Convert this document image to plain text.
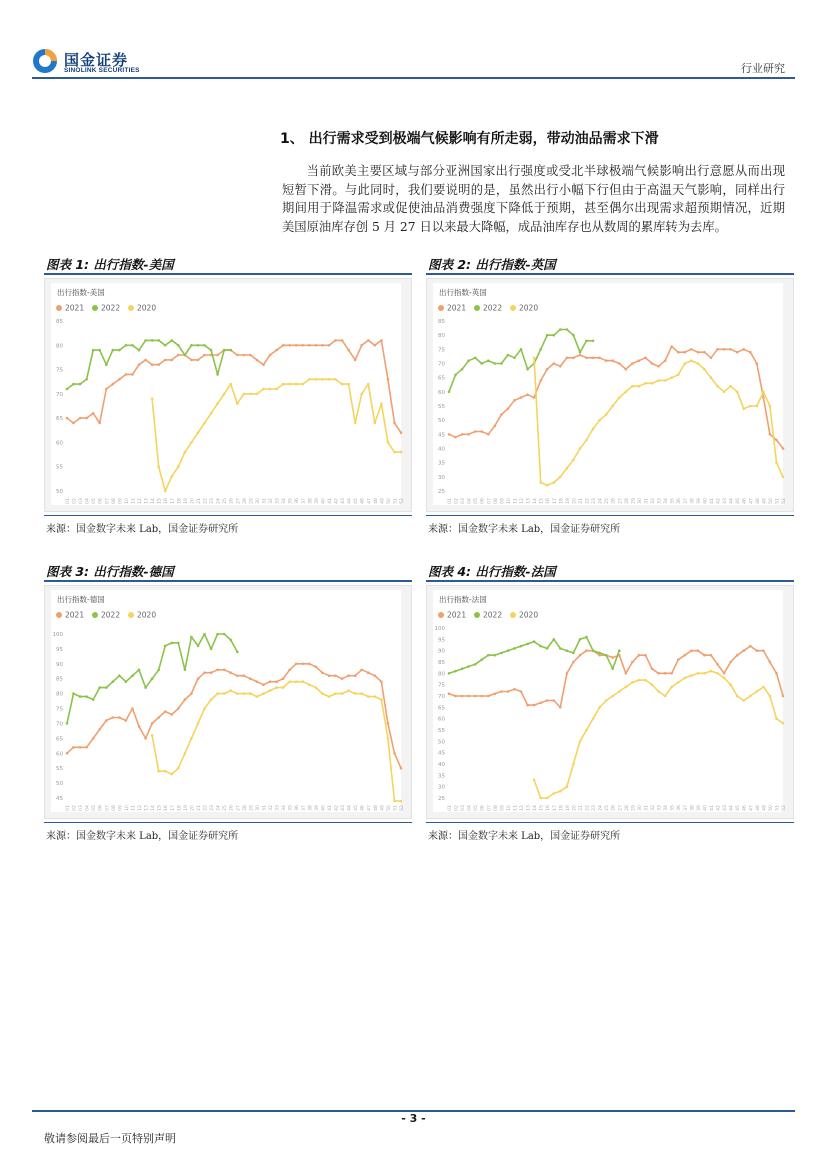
国金证券
SINOLINK SECURITIES	行业研究
1、 出行需求受到极端气候影响有所走弱，带动油品需求下滑
当前欧美主要区域与部分亚洲国家出行强度或受北半球极端气候影响出行意愿从而出现短暂下滑。与此同时，我们要说明的是，虽然出行小幅下行但由于高温天气影响，同样出行期间用于降温需求或促使油品消费强度下降低于预期，甚至偶尔出现需求超预期情况，近期美国原油库存创 5 月 27 日以来最大降幅，成品油库存也从数周的累库转为去库。
图表 1: 出行指数-美国
出行指数-美国
2021 2022 2020
50
55
60
65
70
75
80
85
01 02 03 04 05 06 07 08 09 10 11 12 13 14 15 16 17 18 19 20 21 22 23 24 25 26 27 28 29 30 31 32 33 34 35 36 37 38 39 40 41 42 43 44 45 46 47 48 49 50 51 52
来源：国金数字未来 Lab，国金证券研究所
图表 2: 出行指数-英国
出行指数-英国
2021 2022 2020
25
30
35
40
45
50
55
60
65
70
75
80
85
01 02 03 04 05 06 07 08 09 10 11 12 13 14 15 16 17 18 19 20 21 22 23 24 25 26 27 28 29 30 31 32 33 34 35 36 37 38 39 40 41 42 43 44 45 46 47 48 49 50 51 52
来源：国金数字未来 Lab，国金证券研究所
图表 3: 出行指数-德国
出行指数-德国
2021 2022 2020
45
50
55
60
65
70
75
80
85
90
95
100
01 02 03 04 05 06 07 08 09 10 11 12 13 14 15 16 17 18 19 20 21 22 23 24 25 26 27 28 29 30 31 32 33 34 35 36 37 38 39 40 41 42 43 44 45 46 47 48 49 50 51 52
来源：国金数字未来 Lab，国金证券研究所
图表 4: 出行指数-法国
出行指数-法国
2021 2022 2020
25
30
35
40
45
50
55
60
65
70
75
80
85
90
95
100
01 02 03 04 05 06 07 08 09 10 11 12 13 14 15 16 17 18 19 20 21 22 23 24 25 26 27 28 29 30 31 32 33 34 35 36 37 38 39 40 41 42 43 44 45 46 47 48 49 50 51 52
来源：国金数字未来 Lab，国金证券研究所
- 3 -
敬请参阅最后一页特别声明
